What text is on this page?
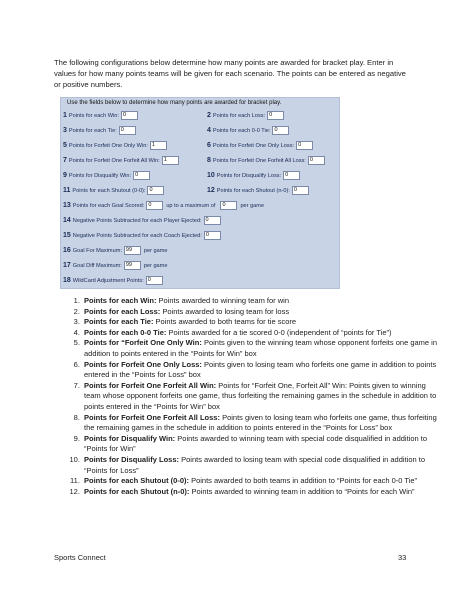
The following configurations below determine how many points are awarded for bracket play. Enter in values for how many points teams will be given for each scenario. The points can be entered as negative or positive numbers.
Use the fields below to determine how many points are awarded for bracket play.
1 Points for each Win: 0	2 Points for each Loss: 0
3 Points for each Tie: 0	4 Points for each 0-0 Tie: 0
5 Points for Forfeit One Only Win: 1	6 Points for Forfeit One Only Loss: 0
7 Points for Forfeit One Forfeit All Win: 1	8 Points for Forfeit One Forfeit All Loss: 0
9 Points for Disqualify Win: 0	10 Points for Disqualify Loss: 0
11 Points for each Shutout (0-0): 0	12 Points for each Shutout (n-0): 0
13 Points for each Goal Scored: 0	up to a maximum of	0	per game
14 Negative Points Subtracted for each Player Ejected: 0
15 Negative Points Subtracted for each Coach Ejected: 0
16 Goal For Maximum: 99	per game
17 Goal Diff Maximum: 99	per game
18 WildCard Adjustment Points: 0
1. Points for each Win: Points awarded to winning team for win
2. Points for each Loss: Points awarded to losing team for loss
3. Points for each Tie: Points awarded to both teams for tie score
4. Points for each 0-0 Tie: Points awarded for a tie scored 0-0 (independent of “points for Tie”)
5. Points for “Forfeit One Only Win: Points given to the winning team whose opponent forfeits one game in addition to points entered in the “Points for Win” box
6. Points for Forfeit One Only Loss: Points given to losing team who forfeits one game in addition to points entered in the “Points for Loss” box
7. Points for Forfeit One Forfeit All Win: Points for “Forfeit One, Forfeit All” Win: Points given to winning team whose opponent forfeits one game, thus forfeiting the remaining games in the schedule in addition to points entered in the “Points for Win” box
8. Points for Forfeit One Forfeit All Loss: Points given to losing team who forfeits one game, thus forfeiting the remaining games in the schedule in addition to points entered in the “Points for Loss” box
9. Points for Disqualify Win: Points awarded to winning team with special code disqualified in addition to “Points for Win”
10. Points for Disqualify Loss: Points awarded to losing team with special code disqualified in addition to “Points for Loss”
11. Points for each Shutout (0-0): Points awarded to both teams in addition to “Points for each 0-0 Tie”
12. Points for each Shutout (n-0): Points awarded to winning team in addition to “Points for each Win”
Sports Connect	33
